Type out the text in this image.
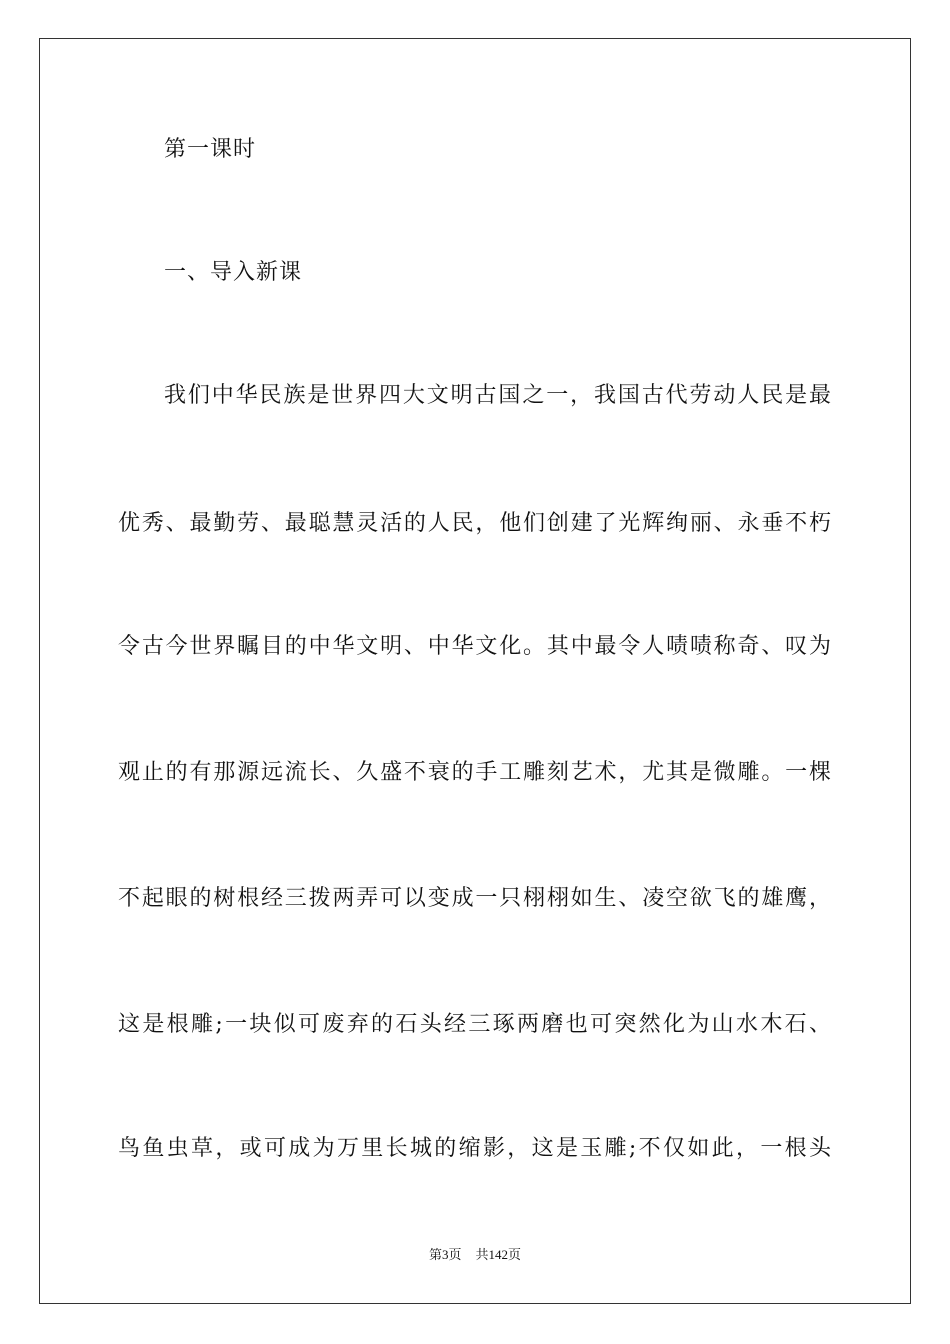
第一课时
一、导入新课
我们中华民族是世界四大文明古国之一，我国古代劳动人民是最
优秀、最勤劳、最聪慧灵活的人民，他们创建了光辉绚丽、永垂不朽
令古今世界瞩目的中华文明、中华文化。其中最令人啧啧称奇、叹为
观止的有那源远流长、久盛不衰的手工雕刻艺术，尤其是微雕。一棵
不起眼的树根经三拨两弄可以变成一只栩栩如生、凌空欲飞的雄鹰，
这是根雕;一块似可废弃的石头经三琢两磨也可突然化为山水木石、
鸟鱼虫草，或可成为万里长城的缩影，这是玉雕;不仅如此，一根头
第3页 共142页
